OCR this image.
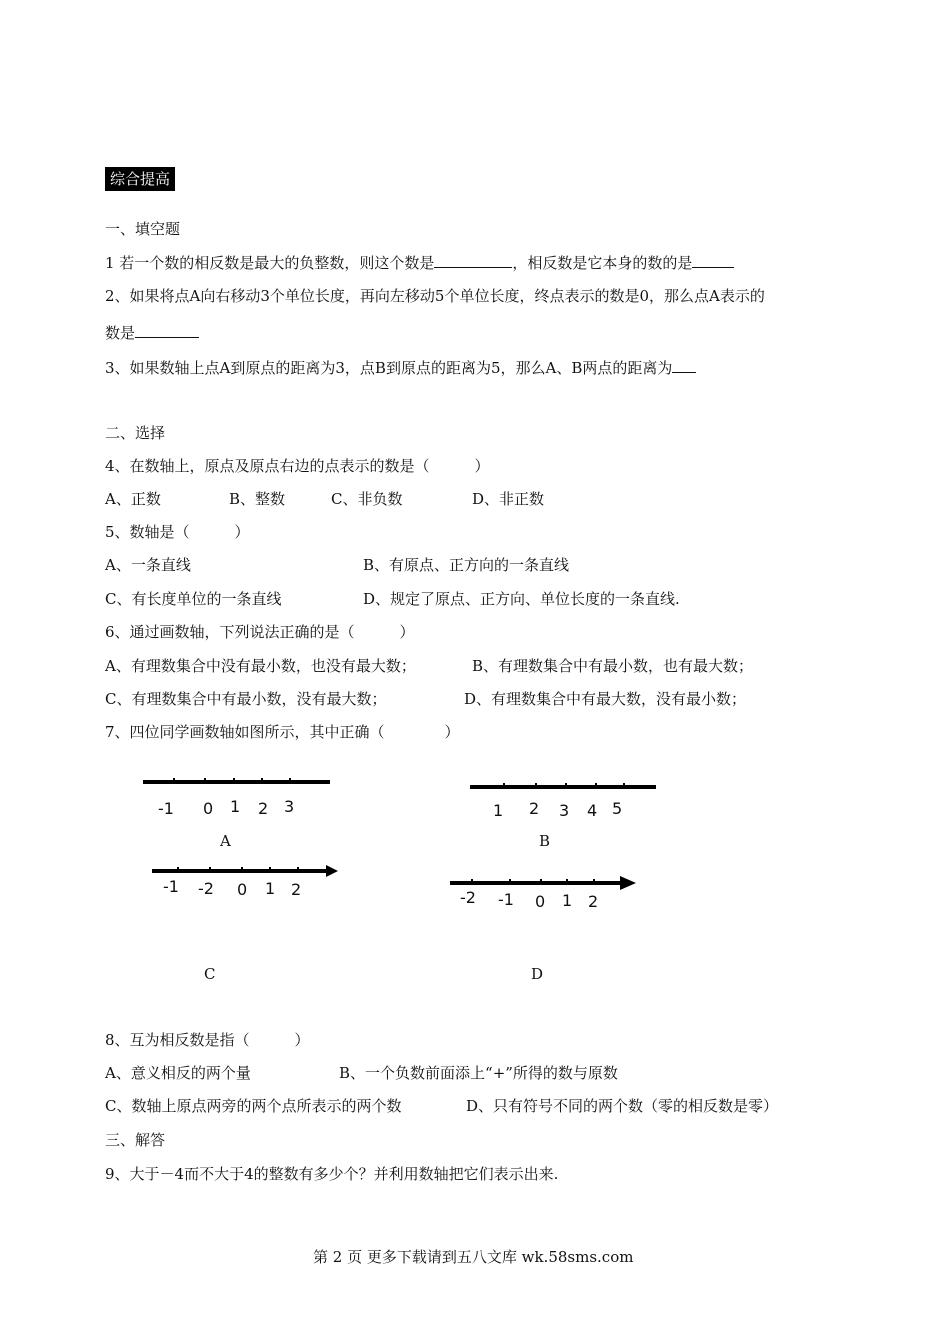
综合提高
一、填空题
1 若一个数的相反数是最大的负整数，则这个数是	，相反数是它本身的数的是
2、如果将点A向右移动3个单位长度，再向左移动5个单位长度，终点表示的数是0，那么点A表示的
数是
3、如果数轴上点A到原点的距离为3，点B到原点的距离为5，那么A、B两点的距离为
二、选择
4、在数轴上，原点及原点右边的点表示的数是（　　　）
A、正数	B、整数	C、非负数	D、非正数
5、数轴是（　　　）
A、一条直线	B、有原点、正方向的一条直线
C、有长度单位的一条直线	D、规定了原点、正方向、单位长度的一条直线.
6、通过画数轴，下列说法正确的是（　　　）
A、有理数集合中没有最小数，也没有最大数；	B、有理数集合中有最小数，也有最大数；
C、有理数集合中有最小数，没有最大数；	D、有理数集合中有最大数，没有最小数；
7、四位同学画数轴如图所示，其中正确（　　　　）
-1 0 1 2 3
A
1 2 3 4 5
B
-1 -2 0 1 2
C
-2 -1 0 1 2
D
8、互为相反数是指（　　　）
A、意义相反的两个量	B、一个负数前面添上“+”所得的数与原数
C、数轴上原点两旁的两个点所表示的两个数	D、只有符号不同的两个数（零的相反数是零）
三、解答
9、大于－4而不大于4的整数有多少个？并利用数轴把它们表示出来.
第 2 页 更多下载请到五八文库 wk.58sms.com
